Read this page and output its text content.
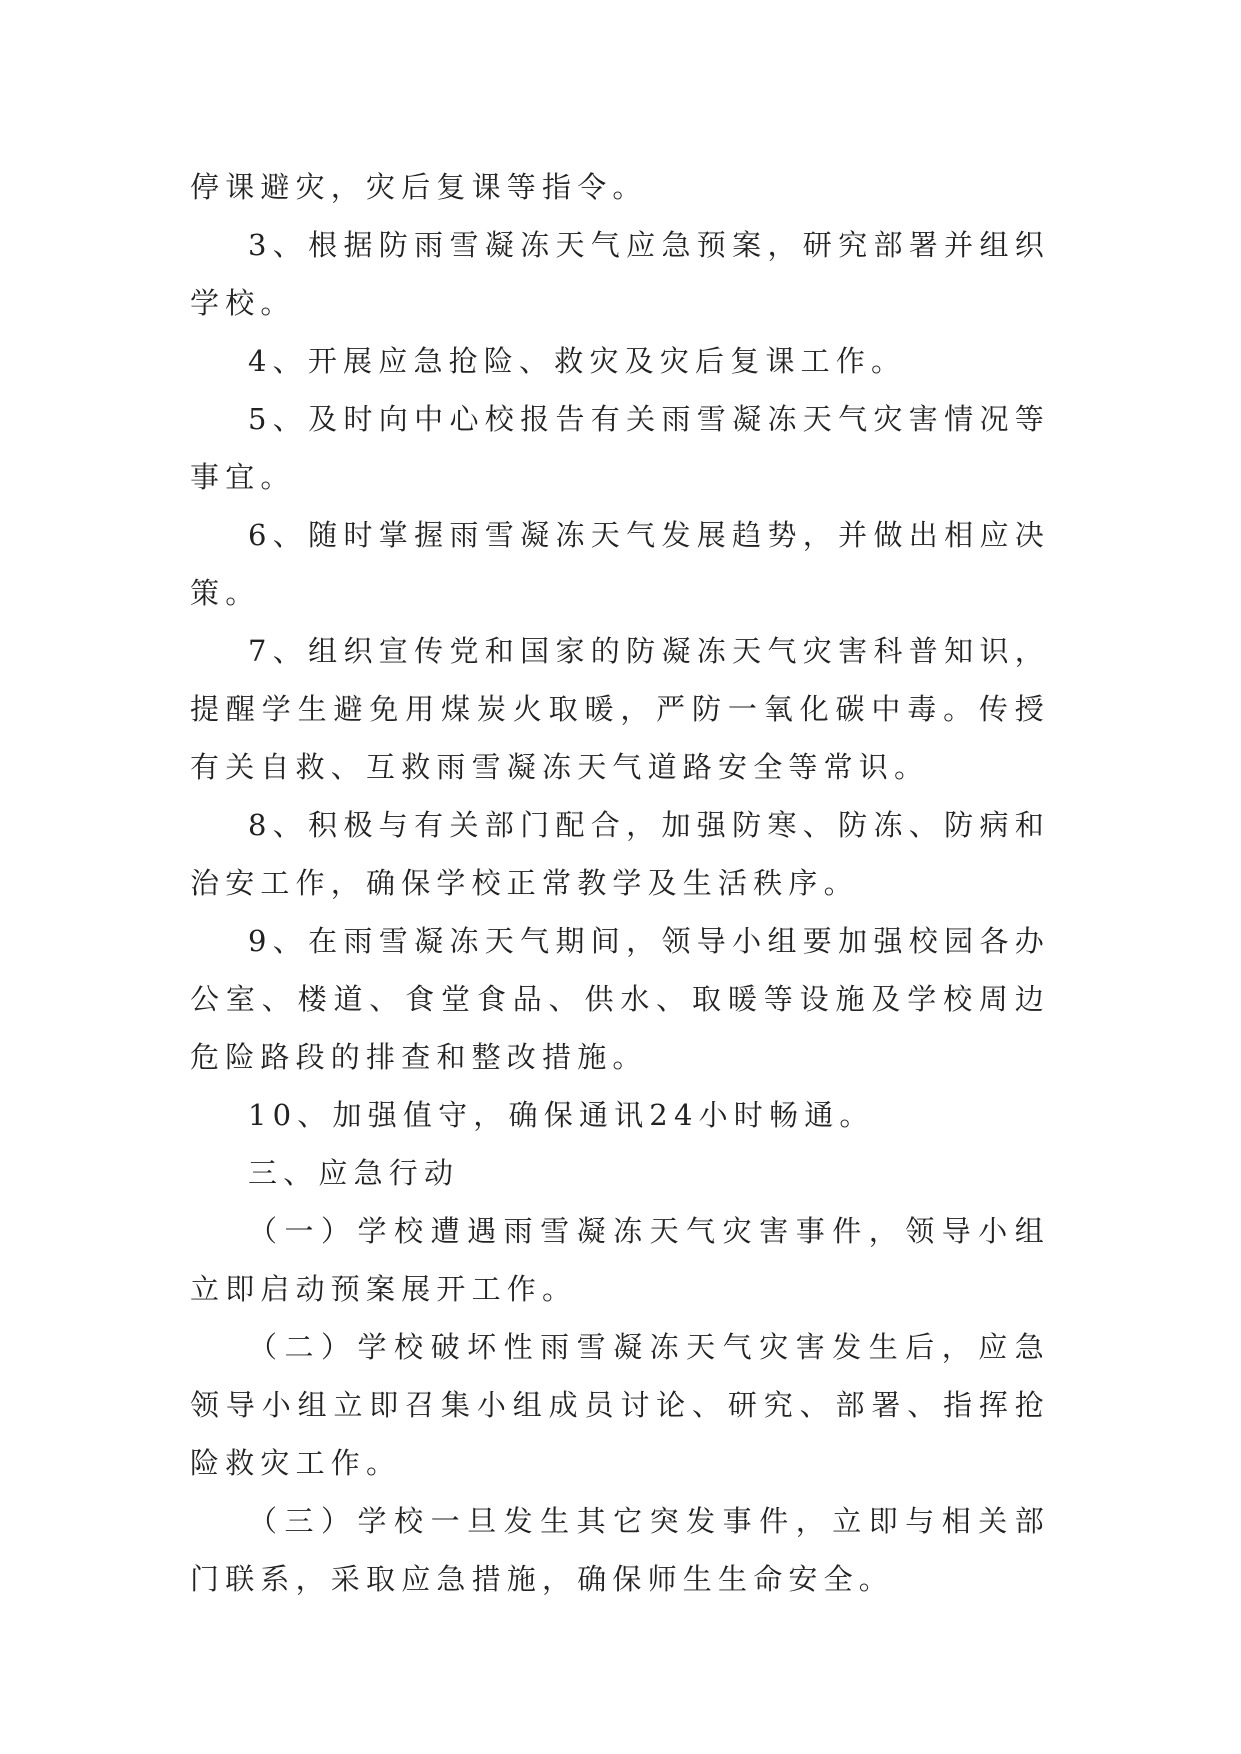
停课避灾，灾后复课等指令。

3、根据防雨雪凝冻天气应急预案，研究部署并组织学校。

4、开展应急抢险、救灾及灾后复课工作。

5、及时向中心校报告有关雨雪凝冻天气灾害情况等事宜。

6、随时掌握雨雪凝冻天气发展趋势，并做出相应决策。

7、组织宣传党和国家的防凝冻天气灾害科普知识，提醒学生避免用煤炭火取暖，严防一氧化碳中毒。传授有关自救、互救雨雪凝冻天气道路安全等常识。

8、积极与有关部门配合，加强防寒、防冻、防病和治安工作，确保学校正常教学及生活秩序。

9、在雨雪凝冻天气期间，领导小组要加强校园各办公室、楼道、食堂食品、供水、取暖等设施及学校周边危险路段的排查和整改措施。

10、加强值守，确保通讯24小时畅通。

三、应急行动

（一）学校遭遇雨雪凝冻天气灾害事件，领导小组立即启动预案展开工作。

（二）学校破坏性雨雪凝冻天气灾害发生后，应急领导小组立即召集小组成员讨论、研究、部署、指挥抢险救灾工作。

（三）学校一旦发生其它突发事件，立即与相关部门联系，采取应急措施，确保师生生命安全。
